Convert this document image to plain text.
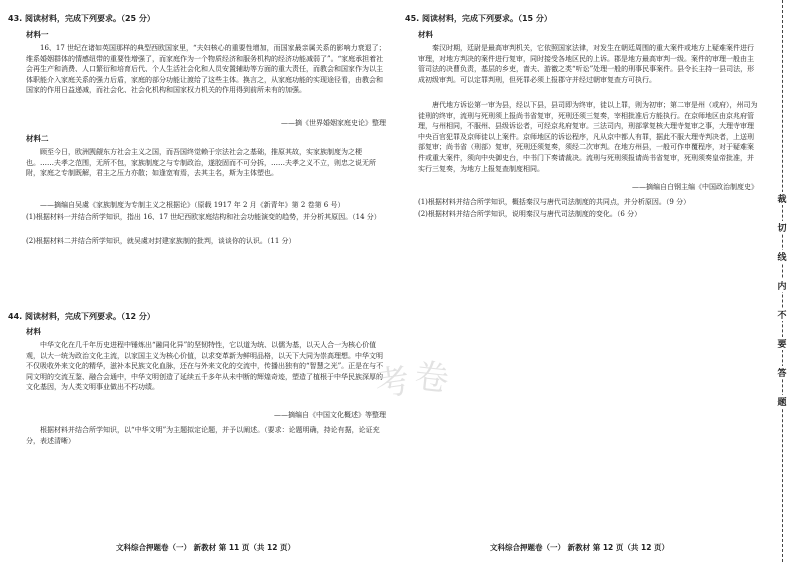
43. 阅读材料，完成下列要求。（25 分）
材料一
16、17 世纪在诸如英国那样的典型西欧国家里，“夫妇核心的重要性增加，而国家最亲属关系的影响力衰退了；维系婚姻群体的情感纽带的重要性增强了，而家庭作为一个物质经济和服务机构的经济功能减弱了”。“家庭承担着社会再生产和消费、人口繁衍和培育后代、个人生活社会化和人员安置辅助等方面的重大责任，而教会和国家作为以主体职能介入家庭关系的强力后盾，家庭的部分功能让渡给了这些主体。换言之，从家庭功能的实现途径看，由教会和国家的作用日益递减，而社会化、社会化机构和国家权力机关的作用得到前所未有的加强。
——摘《世界婚姻家庭史论》整理
材料二
顾至今日，欧洲觊觎东方社会主义之国，而吾国终觉赖于宗法社会之基础，推原其故，实家族制度为之梗也。……夫孝之范围，无所不包，家族制度之与专制政治，遂胶固而不可分拆，……夫孝之义不立，则忠之说无所附，家庭之专制既解，君主之压力亦散；如逢宽宥焉，去其主名，斯为主体塑也。
——摘编自吴虞《家族制度为专制主义之根据论》（原载 1917 年 2 月《新青年》第 2 卷第 6 号）
(1)根据材料一并结合所学知识，指出 16、17 世纪西欧家庭结构和社会功能演变的趋势，并分析其原因。（14 分）
(2)根据材料二并结合所学知识，就吴虞对封建家族制的批判，谈谈你的认识。（11 分）
44. 阅读材料，完成下列要求。（12 分）
材料
中华文化在几千年历史进程中锤炼出“融同化异”的坚韧特性，它以道为统、以儒为基，以天人合一为核心价值观，以大一统为政治文化主流，以家国主义为核心价值，以求变革新为鲜明品格，以天下大同为崇高理想。中华文明不仅吸收外来文化的精华，滋补本民族文化血脉，还在与外来文化的交流中，传播出独有的“智慧之光”。正是在与不同文明的交流互鉴、融合会通中，中华文明创造了延续五千多年从未中断的辉煌奇迹，塑造了植根于中华民族深厚的文化基因，为人类文明事业做出不朽功绩。
——摘编自《中国文化概述》等整理
根据材料并结合所学知识，以“中华文明”为主题拟定论题，并予以阐述。（要求：论题明确，持论有据，论证充分，表述清晰）
文科综合押题卷（一） 新教材 第 11 页（共 12 页）
45. 阅读材料，完成下列要求。（15 分）
材料
秦汉时期，廷尉是最高审判机关，它依照国家法律，对发生在朝廷周围的重大案件或地方上疑难案件进行审理，对地方判决的案件进行复审，同时接受各地区民的上诉。郡是地方最高审判一级。案件的审理一般由主管司法的决曹负责，基层的乡吏，啬夫、游徼之类“听讼”处理一般的刑事民事案件。县令长主持一县司法，形成初级审判。可以定罪判刑，但死罪必须上报郡守并经过朝审复查方可执行。
唐代地方诉讼第一审为县，经以下县，县司即为终审，徒以上罪，则为初审；第二审是州（或府），州司为徒刑的终审，流刑与死刑须上报尚书省复审，死刑还须三复奏，宰相批准后方能执行。在京师地区由京兆府管理，与州相同，不服州、县级诉讼者，可经京兆府复审。三法司内，刑部掌复核大理寺复审之事，大理寺审理中央百官犯罪及京师徒以上案件。京师地区的诉讼程序，凡从京中都人有罪，据此不服大理寺判决者，上送刑部复审；尚书省（刑部）复审，死刑还须复奏，须经二次审判。在地方州县，一般可作申覆程序，对于疑难案件或重大案件，须向中央御史台，中书门下奏请裁决。流刑与死刑须报请尚书省复审，死刑须奏皇帝批准，并实行三复奏，为地方上报复查制度相同。
——摘编自白钢主编《中国政治制度史》
(1)根据材料并结合所学知识，概括秦汉与唐代司法制度的共同点，并分析原因。（9 分）
(2)根据材料并结合所学知识，说明秦汉与唐代司法制度的变化。（6 分）
文科综合押题卷（一） 新教材 第 12 页（共 12 页）
裁
切
线
内
不
要
答
题
考 卷
